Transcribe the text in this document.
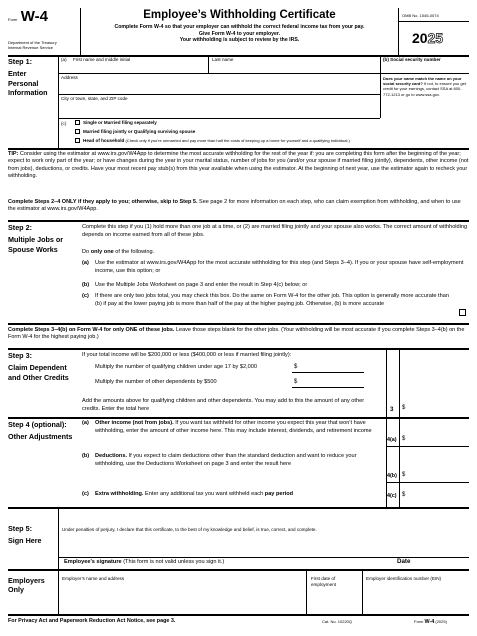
Form W-4
Department of the Treasury
Internal Revenue Service
Employee’s Withholding Certificate
Complete Form W-4 so that your employer can withhold the correct federal income tax from your pay.
Give Form W-4 to your employer.
Your withholding is subject to review by the IRS.
OMB No. 1545-0074
2025
Step 1:
Enter Personal Information
(a) First name and middle initial	Last name	(b) Social security number
Address
City or town, state, and ZIP code
Does your name match the name on your social security card? If not, to ensure you get credit for your earnings, contact SSA at 800-772-1213 or go to www.ssa.gov.
(c)	Single or Married filing separately
Married filing jointly or Qualifying surviving spouse
Head of household (Check only if you’re unmarried and pay more than half the costs of keeping up a home for yourself and a qualifying individual.)
TIP: Consider using the estimator at www.irs.gov/W4App to determine the most accurate withholding for the rest of the year if: you are completing this form after the beginning of the year; expect to work only part of the year; or have changes during the year in your marital status, number of jobs for you (and/or your spouse if married filing jointly), dependents, other income (not from jobs), deductions, or credits. Have your most recent pay stub(s) from this year available when using the estimator. At the beginning of next year, use the estimator again to recheck your withholding.
Complete Steps 2–4 ONLY if they apply to you; otherwise, skip to Step 5. See page 2 for more information on each step, who can claim exemption from withholding, and when to use the estimator at www.irs.gov/W4App.
Step 2:
Multiple Jobs or Spouse Works
Complete this step if you (1) hold more than one job at a time, or (2) are married filing jointly and your spouse also works. The correct amount of withholding depends on income earned from all of these jobs.
Do only one of the following.
(a) Use the estimator at www.irs.gov/W4App for the most accurate withholding for this step (and Steps 3–4). If you or your spouse have self-employment income, use this option; or
(b) Use the Multiple Jobs Worksheet on page 3 and enter the result in Step 4(c) below; or
(c) If there are only two jobs total, you may check this box. Do the same on Form W-4 for the other job. This option is generally more accurate than (b) if pay at the lower paying job is more than half of the pay at the higher paying job. Otherwise, (b) is more accurate
Complete Steps 3–4(b) on Form W-4 for only ONE of these jobs. Leave those steps blank for the other jobs. (Your withholding will be most accurate if you complete Steps 3–4(b) on the Form W-4 for the highest paying job.)
Step 3:
Claim Dependent and Other Credits
If your total income will be $200,000 or less ($400,000 or less if married filing jointly):
Multiply the number of qualifying children under age 17 by $2,000	$
Multiply the number of other dependents by $500	$
Add the amounts above for qualifying children and other dependents. You may add to this the amount of any other credits. Enter the total here	3 $
Step 4 (optional):
Other Adjustments
(a) Other income (not from jobs). If you want tax withheld for other income you expect this year that won’t have withholding, enter the amount of other income here. This may include interest, dividends, and retirement income
(b) Deductions. If you expect to claim deductions other than the standard deduction and want to reduce your withholding, use the Deductions Worksheet on page 3 and enter the result here
(c) Extra withholding. Enter any additional tax you want withheld each pay period
4(a) $
4(b) $
4(c) $
Step 5:
Sign Here
Under penalties of perjury, I declare that this certificate, to the best of my knowledge and belief, is true, correct, and complete.
Employee’s signature (This form is not valid unless you sign it.)	Date
Employers Only
Employer’s name and address	First date of employment
Employer identification number (EIN)
For Privacy Act and Paperwork Reduction Act Notice, see page 3.	Cat. No. 10220Q	Form W-4 (2025)
